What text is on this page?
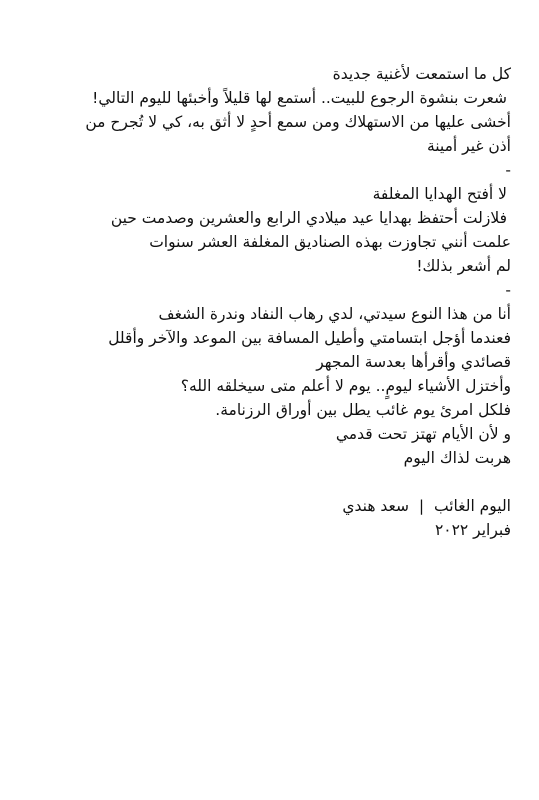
كل ما استمعت لأغنية جديدة
شعرت بنشوة الرجوع للبيت.. أستمع لها قليلاً وأخبئها لليوم التالي!
أخشى عليها من الاستهلاك ومن سمع أحدٍ لا أثق به، كي لا تُجرح من
أذن غير أمينة
-
لا أفتح الهدايا المغلفة
فلازلت أحتفظ بهدايا عيد ميلادي الرابع والعشرين وصدمت حين
علمت أنني تجاوزت بهذه الصناديق المغلفة العشر سنوات
لم أشعر بذلك!
-
أنا من هذا النوع سيدتي، لدي رهاب النفاد وندرة الشغف
فعندما أؤجل ابتسامتي وأطيل المسافة بين الموعد والآخر وأقلل
قصائدي وأقرأها بعدسة المجهر
وأختزل الأشياء ليومٍ.. يوم لا أعلم متى سيخلقه الله؟
فلكل امرئ يوم غائب يطل بين أوراق الرزنامة.
و لأن الأيام تهتز تحت قدمي
هربت لذاك اليوم
اليوم الغائب  |  سعد هندي
فبراير ٢٠٢٢
